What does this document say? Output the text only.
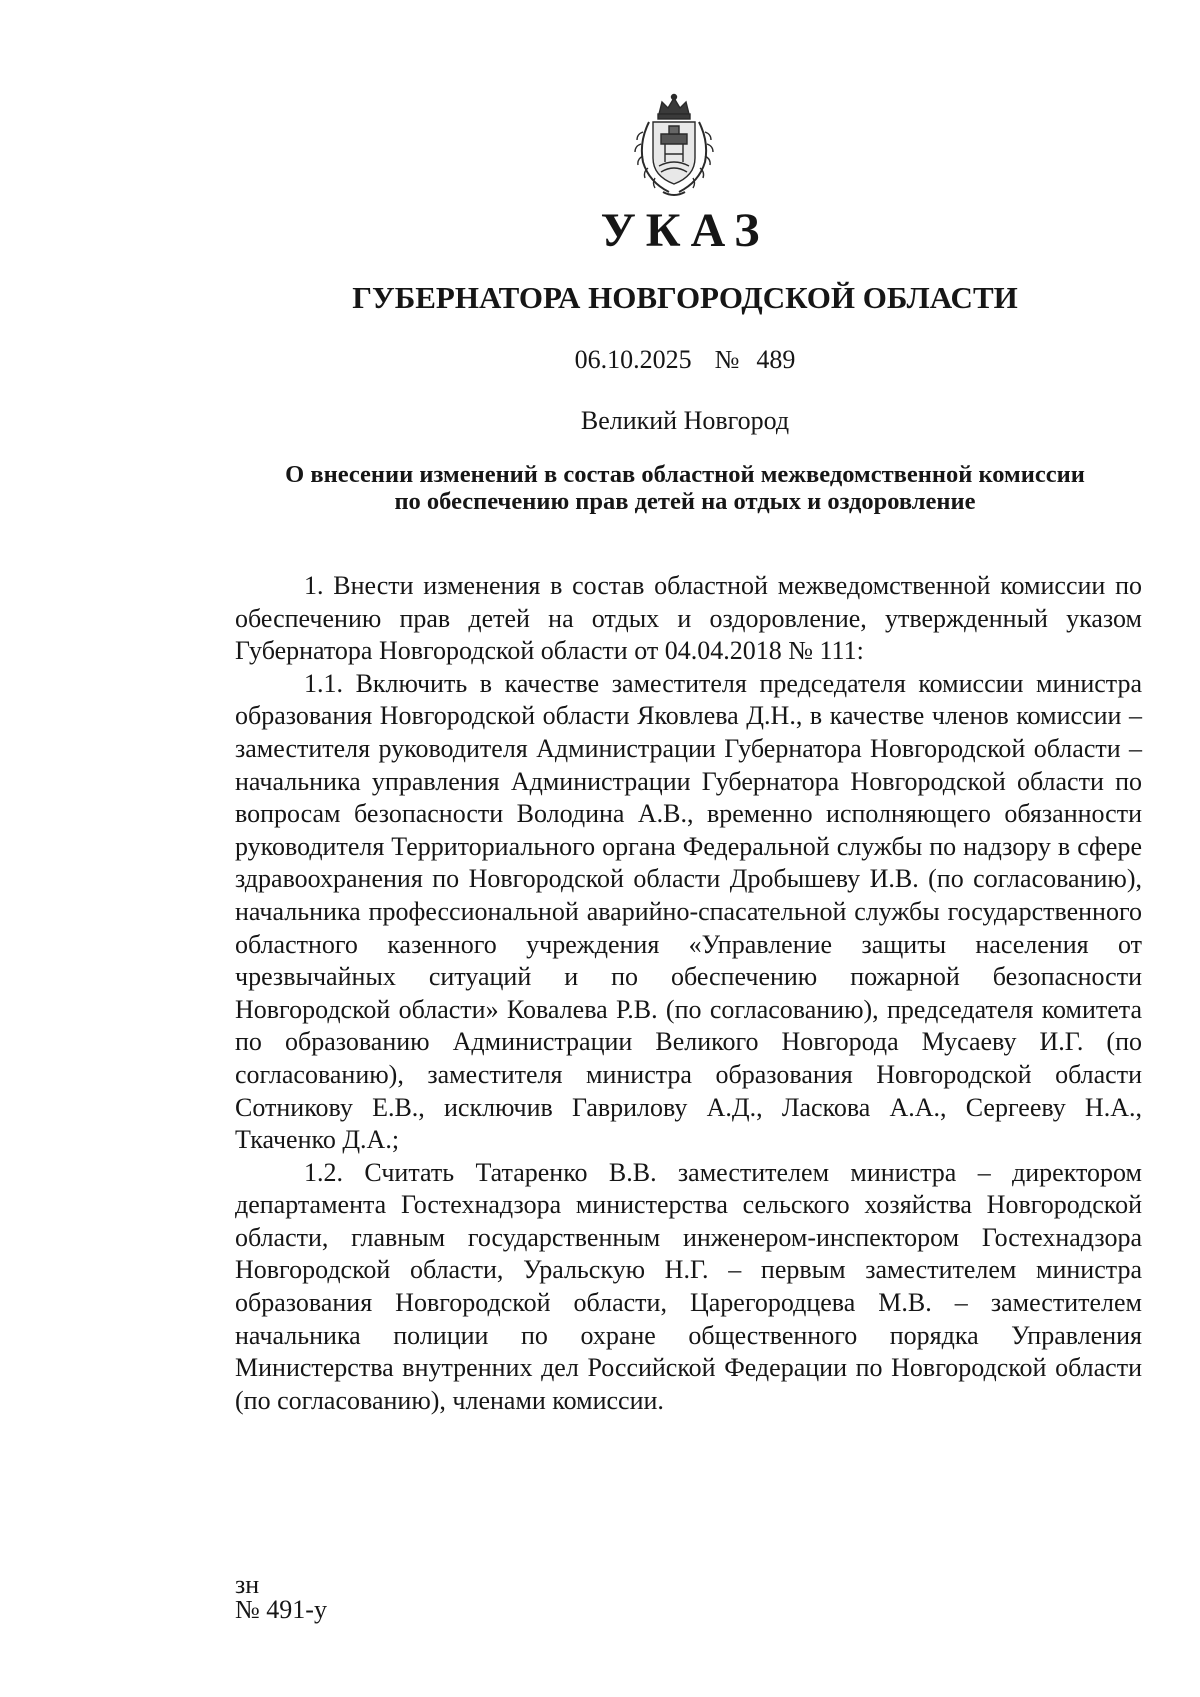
УКАЗ
ГУБЕРНАТОРА НОВГОРОДСКОЙ ОБЛАСТИ
06.10.2025 № 489
Великий Новгород
О внесении изменений в состав областной межведомственной комиссии
по обеспечению прав детей на отдых и оздоровление

1. Внести изменения в состав областной межведомственной комиссии по обеспечению прав детей на отдых и оздоровление, утвержденный указом Губернатора Новгородской области от 04.04.2018 № 111:

1.1. Включить в качестве заместителя председателя комиссии министра образования Новгородской области Яковлева Д.Н., в качестве членов комиссии – заместителя руководителя Администрации Губернатора Новгородской области – начальника управления Администрации Губернатора Новгородской области по вопросам безопасности Володина А.В., временно исполняющего обязанности руководителя Территориального органа Федеральной службы по надзору в сфере здравоохранения по Новгородской области Дробышеву И.В. (по согласованию), начальника профессиональной аварийно-спасательной службы государственного областного казенного учреждения «Управление защиты населения от чрезвычайных ситуаций и по обеспечению пожарной безопасности Новгородской области» Ковалева Р.В. (по согласованию), председателя комитета по образованию Администрации Великого Новгорода Мусаеву И.Г. (по согласованию), заместителя министра образования Новгородской области Сотникову Е.В., исключив Гаврилову А.Д., Ласкова А.А., Сергееву Н.А., Ткаченко Д.А.;

1.2. Считать Татаренко В.В. заместителем министра – директором департамента Гостехнадзора министерства сельского хозяйства Новгородской области, главным государственным инженером-инспектором Гостехнадзора Новгородской области, Уральскую Н.Г. – первым заместителем министра образования Новгородской области, Царегородцева М.В. – заместителем начальника полиции по охране общественного порядка Управления Министерства внутренних дел Российской Федерации по Новгородской области (по согласованию), членами комиссии.

зн
№ 491-у
